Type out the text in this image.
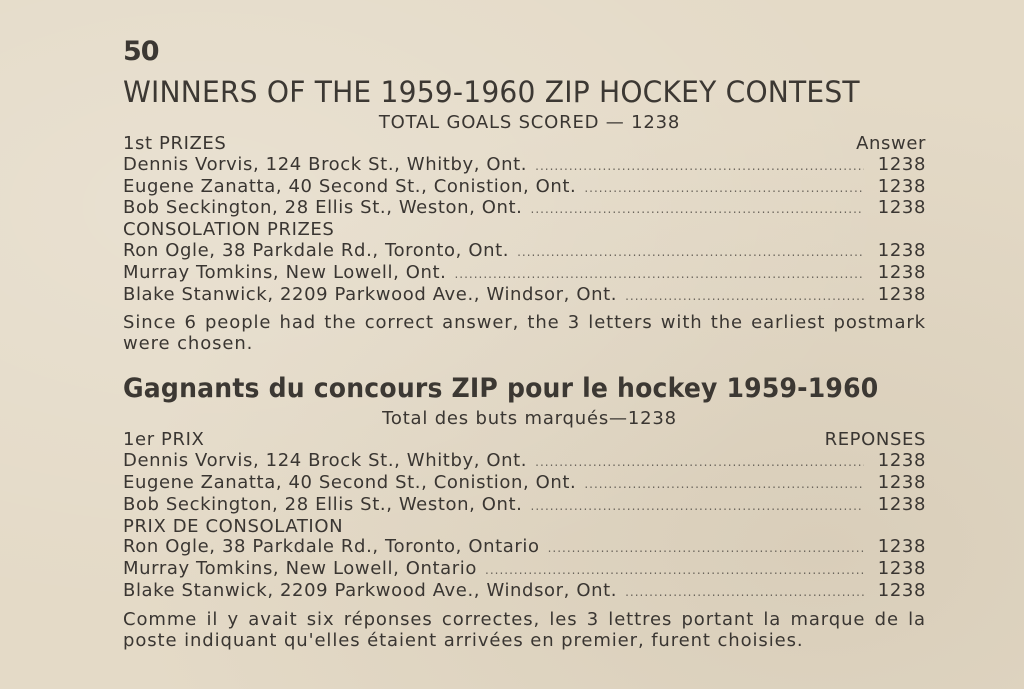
50
WINNERS OF THE 1959-1960 ZIP HOCKEY CONTEST
TOTAL GOALS SCORED — 1238
1st PRIZES	Answer
Dennis Vorvis, 124 Brock St., Whitby, Ont. .....	1238
Eugene Zanatta, 40 Second St., Conistion, Ont. .....	1238
Bob Seckington, 28 Ellis St., Weston, Ont. .....	1238
CONSOLATION PRIZES
Ron Ogle, 38 Parkdale Rd., Toronto, Ont. .....	1238
Murray Tomkins, New Lowell, Ont. .....	1238
Blake Stanwick, 2209 Parkwood Ave., Windsor, Ont. .....	1238
Since 6 people had the correct answer, the 3 letters with the earliest postmark were chosen.
Gagnants du concours ZIP pour le hockey 1959-1960
Total des buts marqués—1238
1er PRIX	REPONSES
Dennis Vorvis, 124 Brock St., Whitby, Ont. .....	1238
Eugene Zanatta, 40 Second St., Conistion, Ont. .....	1238
Bob Seckington, 28 Ellis St., Weston, Ont. .....	1238
PRIX DE CONSOLATION
Ron Ogle, 38 Parkdale Rd., Toronto, Ontario .....	1238
Murray Tomkins, New Lowell, Ontario .....	1238
Blake Stanwick, 2209 Parkwood Ave., Windsor, Ont. .....	1238
Comme il y avait six réponses correctes, les 3 lettres portant la marque de la poste indiquant qu'elles étaient arrivées en premier, furent choisies.
